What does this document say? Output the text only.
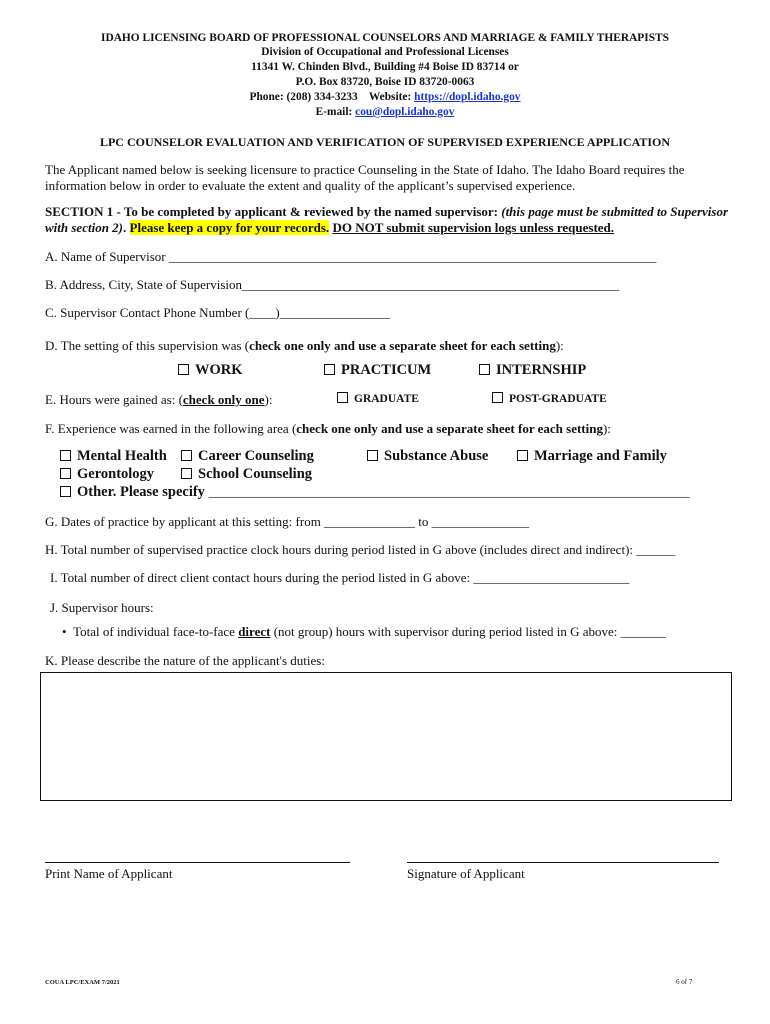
IDAHO LICENSING BOARD OF PROFESSIONAL COUNSELORS AND MARRIAGE & FAMILY THERAPISTS
Division of Occupational and Professional Licenses
11341 W. Chinden Blvd., Building #4 Boise ID 83714 or
P.O. Box 83720, Boise ID 83720-0063
Phone: (208) 334-3233 Website: https://dopl.idaho.gov
E-mail: cou@dopl.idaho.gov
LPC COUNSELOR EVALUATION AND VERIFICATION OF SUPERVISED EXPERIENCE APPLICATION
The Applicant named below is seeking licensure to practice Counseling in the State of Idaho. The Idaho Board requires the information below in order to evaluate the extent and quality of the applicant’s supervised experience.
SECTION 1 - To be completed by applicant & reviewed by the named supervisor: (this page must be submitted to Supervisor with section 2). Please keep a copy for your records. DO NOT submit supervision logs unless requested.
A. Name of Supervisor ___________________________________________________________________________
B. Address, City, State of Supervision__________________________________________________________
C. Supervisor Contact Phone Number (____)_________________
D. The setting of this supervision was (check one only and use a separate sheet for each setting):
WORK	PRACTICUM	INTERNSHIP
E. Hours were gained as: (check only one):	GRADUATE	POST-GRADUATE
F. Experience was earned in the following area (check one only and use a separate sheet for each setting):
Mental Health	Career Counseling	Substance Abuse	Marriage and Family
Gerontology	School Counseling
Other. Please specify __________________________________________________________________________
G. Dates of practice by applicant at this setting: from ______________ to _______________
H. Total number of supervised practice clock hours during period listed in G above (includes direct and indirect): ______
I. Total number of direct client contact hours during the period listed in G above: ________________________
J. Supervisor hours:
• Total of individual face-to-face direct (not group) hours with supervisor during period listed in G above: _______
K. Please describe the nature of the applicant's duties:
Print Name of Applicant	Signature of Applicant
COUA LPC/EXAM 7/2021	6 of 7
